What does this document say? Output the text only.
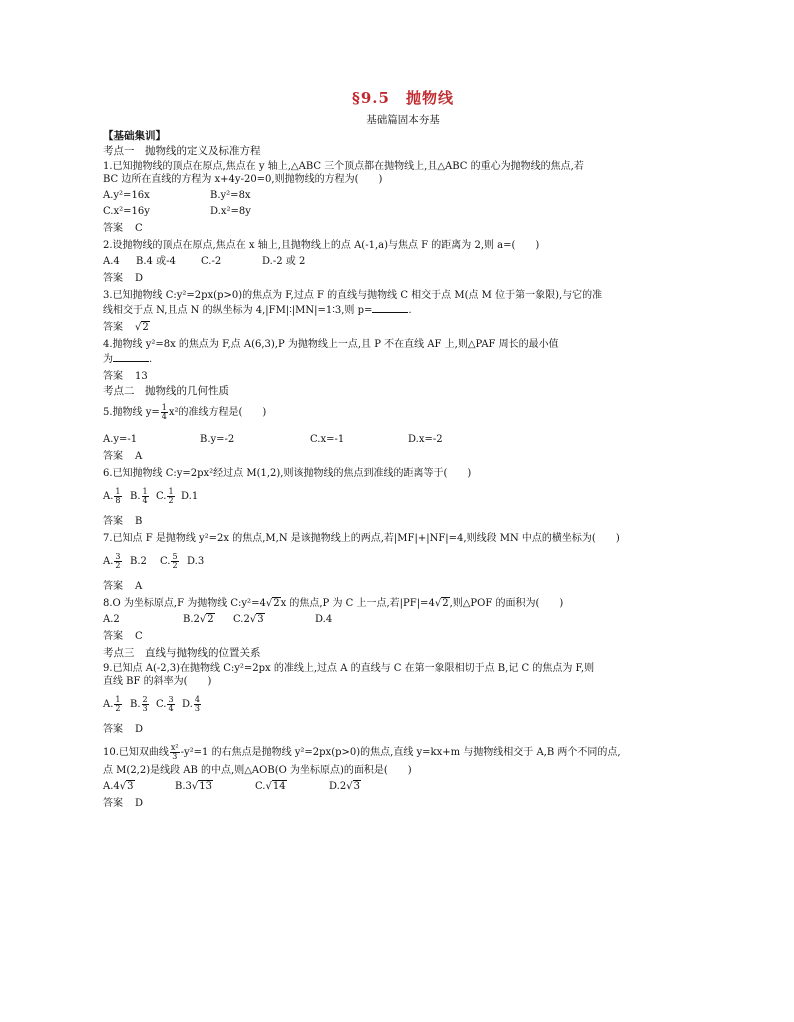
§9.5　抛物线
基础篇固本夯基
【基础集训】
考点一　抛物线的定义及标准方程

1.已知抛物线的顶点在原点,焦点在 y 轴上,△ABC 三个顶点都在抛物线上,且△ABC 的重心为抛物线的焦点,若

BC 边所在直线的方程为 x+4y-20=0,则抛物线的方程为(　　)

A.y²=16x	B.y²=8x
C.x²=16y	D.x²=8y
答案 C

2.设抛物线的顶点在原点,焦点在 x 轴上,且抛物线上的点 A(-1,a)与焦点 F 的距离为 2,则 a=(　　)

A.4	B.4 或-4	C.-2	D.-2 或 2
答案 D

3.已知抛物线 C:y²=2px(p>0)的焦点为 F,过点 F 的直线与抛物线 C 相交于点 M(点 M 位于第一象限),与它的准

线相交于点 N,且点 N 的纵坐标为 4,|FM|∶|MN|=1∶3,则 p=	.

答案 √2

4.抛物线 y²=8x 的焦点为 F,点 A(6,3),P 为抛物线上一点,且 P 不在直线 AF 上,则△PAF 周长的最小值

为	.

答案 13
考点二　抛物线的几何性质

5.抛物线 $y= \frac{1}{4} x^2$的准线方程是(　　)

A.y=-1	B.y=-2	C.x=-1	D.x=-2
答案 A

6.已知抛物线 C:y=2px²经过点 M(1,2),则该抛物线的焦点到准线的距离等于(　　)

A. $\frac{1}{8} B$. $\frac{1}{4} C$. $\frac{1}{2} D.1$
答案 B

7.已知点 F 是抛物线 y²=2x 的焦点,M,N 是该抛物线上的两点,若|MF|+|NF|=4,则线段 MN 中点的横坐标为(　　)

A. $\frac{3}{2} B.2$	C. $\frac{5}{2} D.3$
答案 A

8.O 为坐标原点,F 为抛物线 C:y²=4√2x 的焦点,P 为 C 上一点,若|PF|=4√2,则△POF 的面积为(　　)

A.2	B.2√2	C.2√3	D.4
答案 C
考点三　直线与抛物线的位置关系

9.已知点 A(-2,3)在抛物线 C:y²=2px 的准线上,过点 A 的直线与 C 在第一象限相切于点 B,记 C 的焦点为 F,则

直线 BF 的斜率为(　　)

A. $\frac{1}{2} B$. $\frac{2}{3} C$. $\frac{3}{4} D$. $\frac{4}{3}$
答案 D

10.已知双曲线 $\frac{\text{x²}}{3} -y^2=1$ 的右焦点是抛物线 y²=2px(p>0)的焦点,直线 y=kx+m 与抛物线相交于 A,B 两个不同的点,

点 M(2,2)是线段 AB 的中点,则△AOB(O 为坐标原点)的面积是(　　)

A.4√3	B.3√13	C.√14	D.2√3
答案 D
